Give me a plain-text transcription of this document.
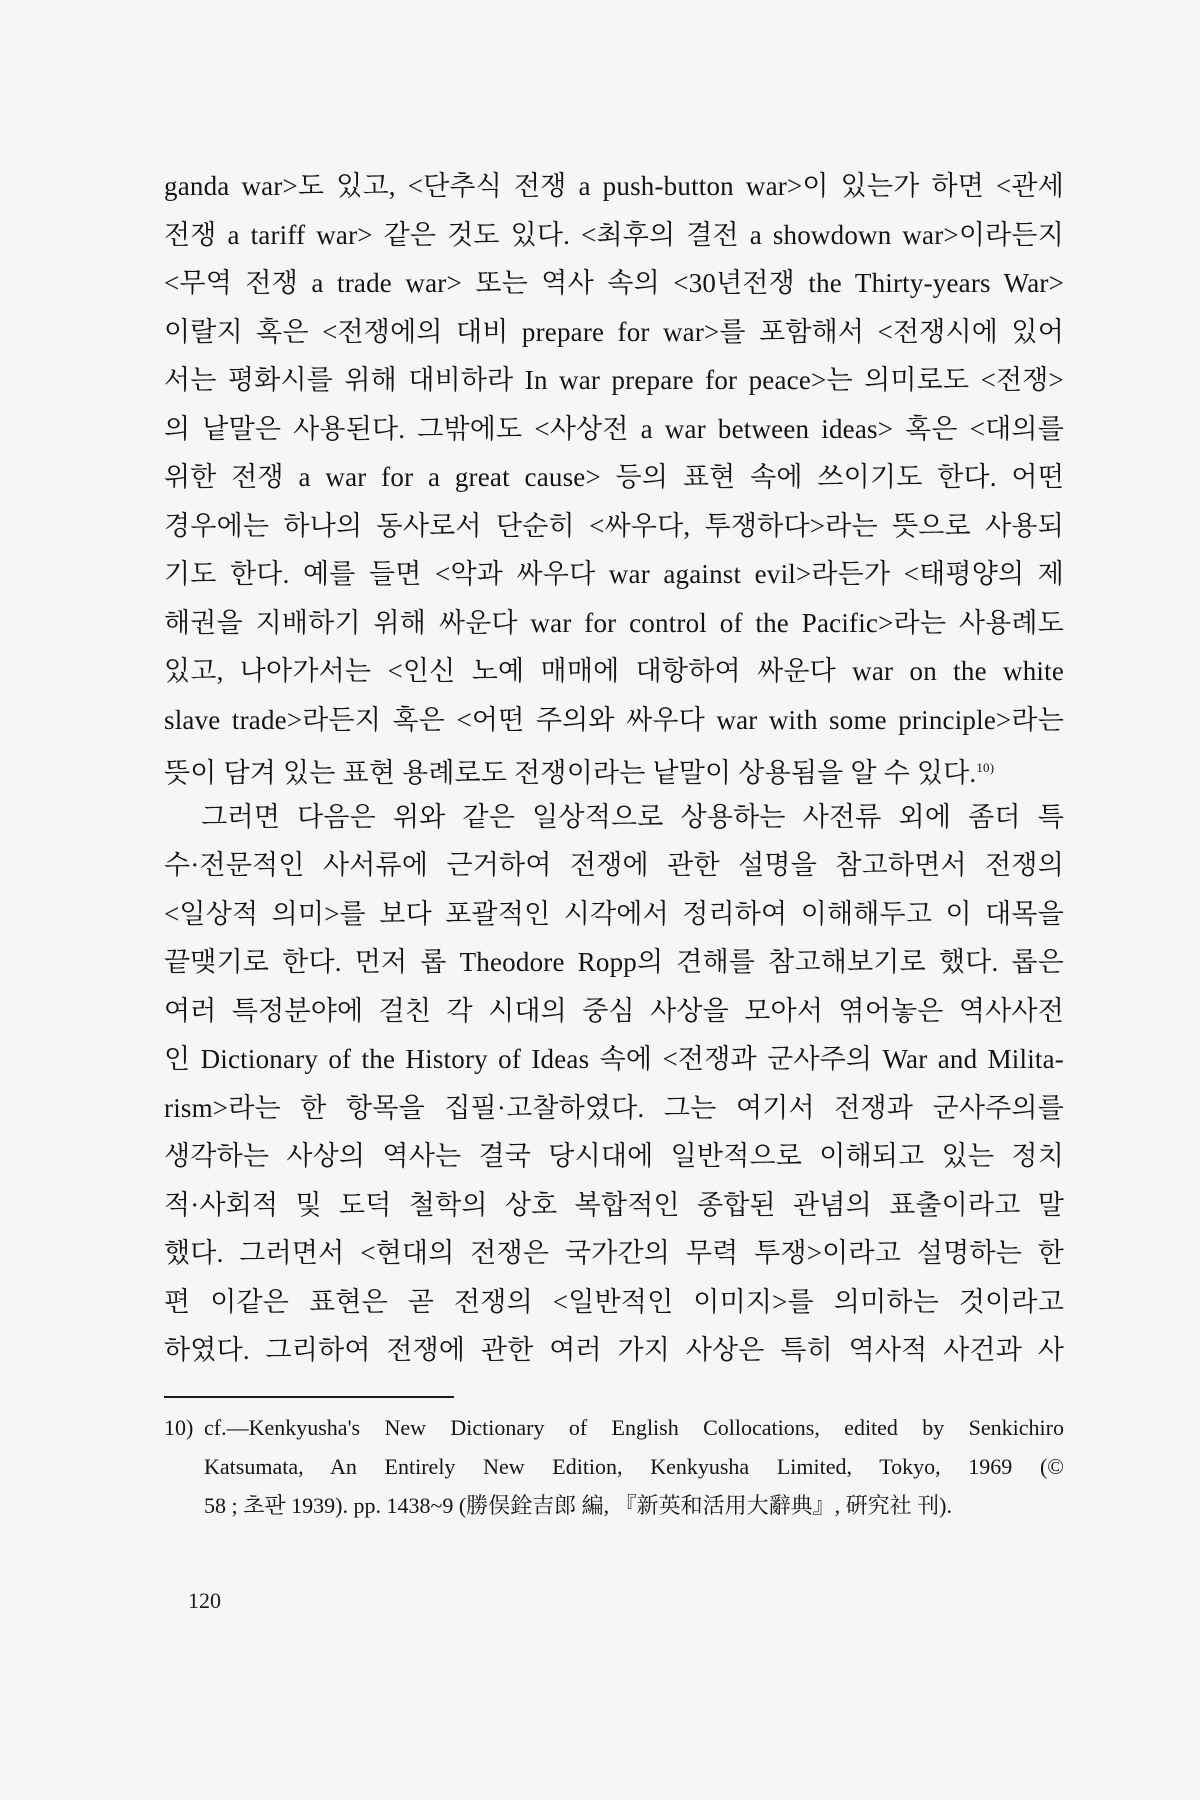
ganda war>도 있고, <단추식 전쟁 a push-button war>이 있는가 하면 <관세
전쟁 a tariff war> 같은 것도 있다. <최후의 결전 a showdown war>이라든지
<무역 전쟁 a trade war> 또는 역사 속의 <30년전쟁 the Thirty-years War>
이랄지 혹은 <전쟁에의 대비 prepare for war>를 포함해서 <전쟁시에 있어
서는 평화시를 위해 대비하라 In war prepare for peace>는 의미로도 <전쟁>
의 낱말은 사용된다. 그밖에도 <사상전 a war between ideas> 혹은 <대의를
위한 전쟁 a war for a great cause> 등의 표현 속에 쓰이기도 한다. 어떤
경우에는 하나의 동사로서 단순히 <싸우다, 투쟁하다>라는 뜻으로 사용되
기도 한다. 예를 들면 <악과 싸우다 war against evil>라든가 <태평양의 제
해권을 지배하기 위해 싸운다 war for control of the Pacific>라는 사용례도
있고, 나아가서는 <인신 노예 매매에 대항하여 싸운다 war on the white
slave trade>라든지 혹은 <어떤 주의와 싸우다 war with some principle>라는
뜻이 담겨 있는 표현 용례로도 전쟁이라는 낱말이 상용됨을 알 수 있다.$^{10)}$
　그러면 다음은 위와 같은 일상적으로 상용하는 사전류 외에 좀더 특
수·전문적인 사서류에 근거하여 전쟁에 관한 설명을 참고하면서 전쟁의
<일상적 의미>를 보다 포괄적인 시각에서 정리하여 이해해두고 이 대목을
끝맺기로 한다. 먼저 롭 Theodore Ropp의 견해를 참고해보기로 했다. 롭은
여러 특정분야에 걸친 각 시대의 중심 사상을 모아서 엮어놓은 역사사전
인 Dictionary of the History of Ideas 속에 <전쟁과 군사주의 War and Milita-
rism>라는 한 항목을 집필·고찰하였다. 그는 여기서 전쟁과 군사주의를
생각하는 사상의 역사는 결국 당시대에 일반적으로 이해되고 있는 정치
적·사회적 및 도덕 철학의 상호 복합적인 종합된 관념의 표출이라고 말
했다. 그러면서 <현대의 전쟁은 국가간의 무력 투쟁>이라고 설명하는 한
편 이같은 표현은 곧 전쟁의 <일반적인 이미지>를 의미하는 것이라고
하였다. 그리하여 전쟁에 관한 여러 가지 사상은 특히 역사적 사건과 사
10) cf.—Kenkyusha's New Dictionary of English Collocations, edited by Senkichiro
Katsumata, An Entirely New Edition, Kenkyusha Limited, Tokyo, 1969 (©
58 ; 초판 1939). pp. 1438~9 (勝俣銓吉郎 編, 『新英和活用大辭典』, 硏究社 刊).
120
